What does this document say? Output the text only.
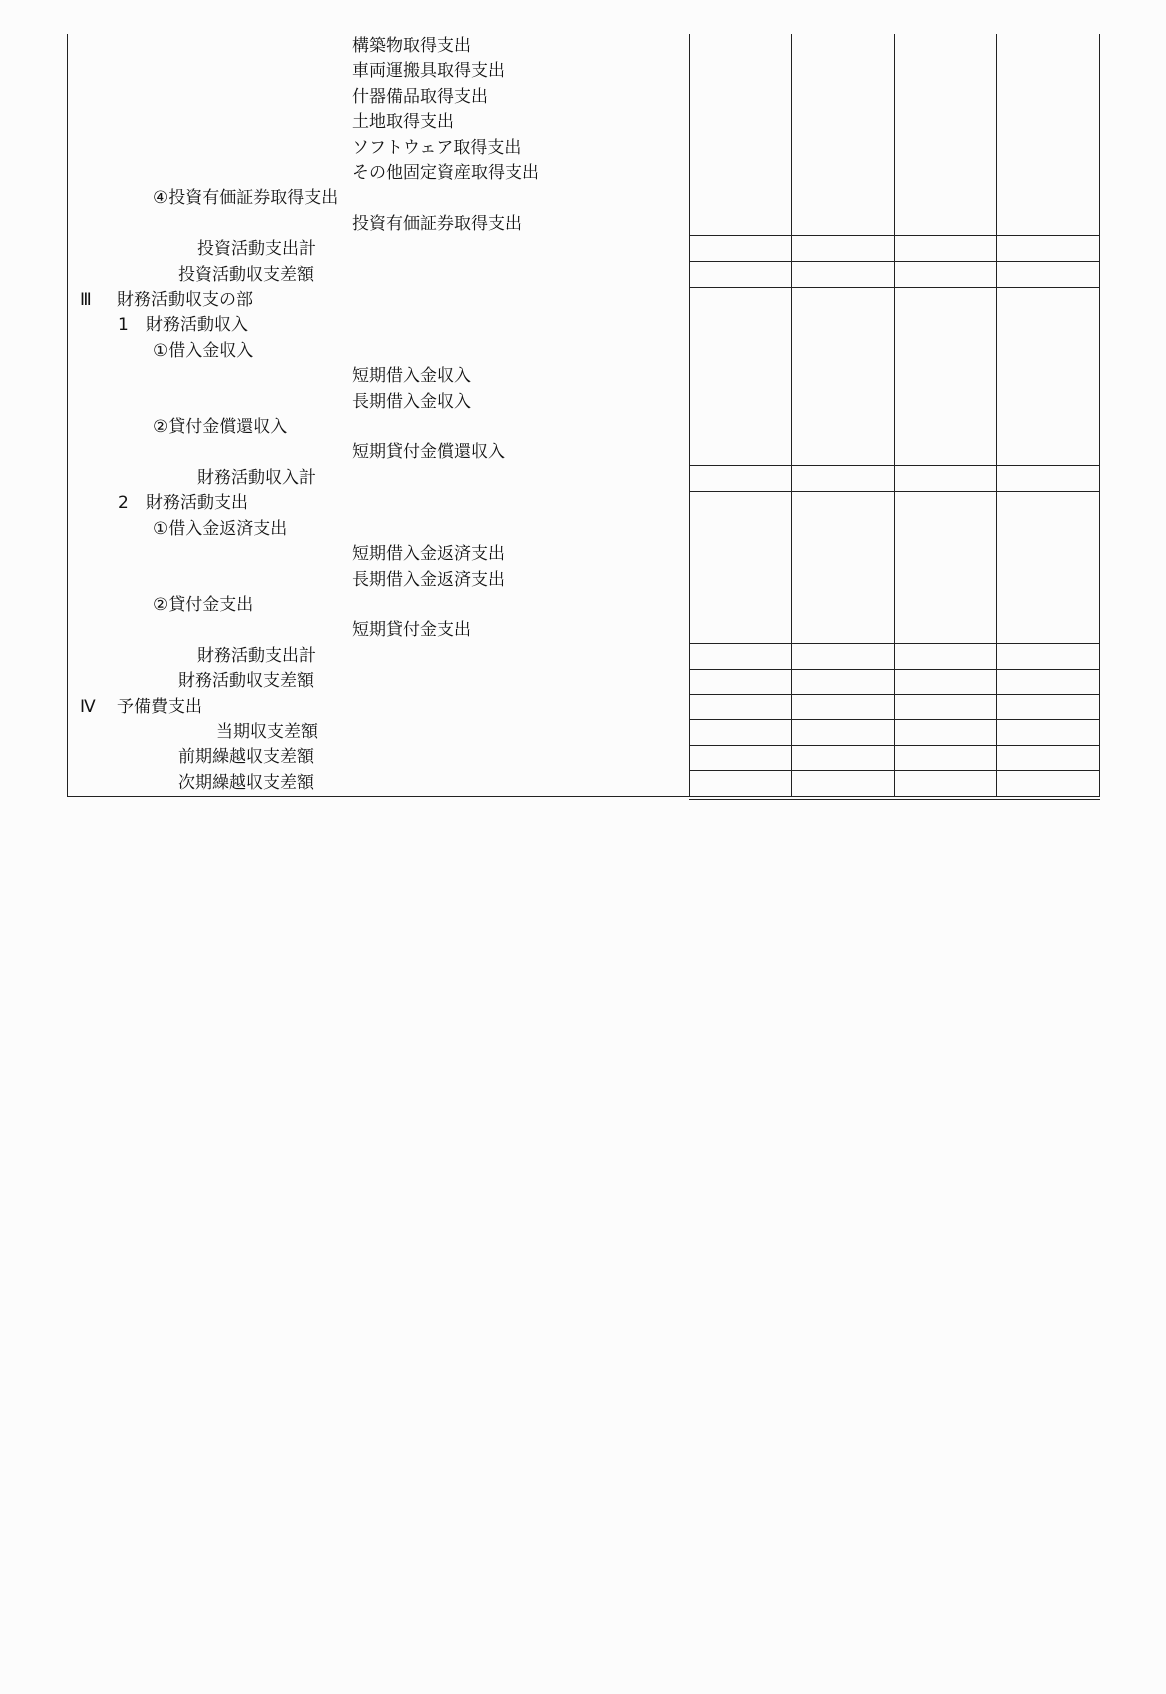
構築物取得支出
車両運搬具取得支出
什器備品取得支出
土地取得支出
ソフトウェア取得支出
その他固定資産取得支出
④投資有価証券取得支出
投資有価証券取得支出
投資活動支出計
投資活動収支差額
Ⅲ 財務活動収支の部
1 財務活動収入
①借入金収入
短期借入金収入
長期借入金収入
②貸付金償還収入
短期貸付金償還収入
財務活動収入計
2 財務活動支出
①借入金返済支出
短期借入金返済支出
長期借入金返済支出
②貸付金支出
短期貸付金支出
財務活動支出計
財務活動収支差額
Ⅳ 予備費支出
当期収支差額
前期繰越収支差額
次期繰越収支差額
